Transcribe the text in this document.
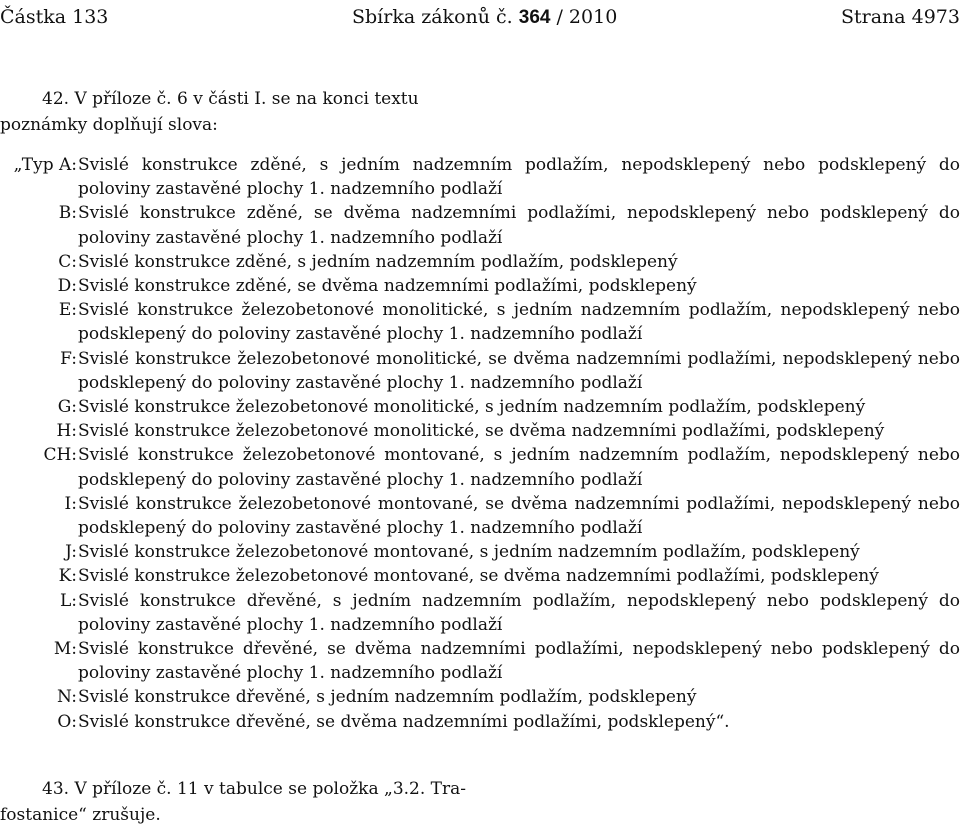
Částka 133	Sbírka zákonů č. 364 / 2010	Strana 4973
42. V příloze č. 6 v části I. se na konci textu
poznámky doplňují slova:
„Typ A: Svislé konstrukce zděné, s jedním nadzemním podlažím, nepodsklepený nebo podsklepený do poloviny zastavěné plochy 1. nadzemního podlaží
B: Svislé konstrukce zděné, se dvěma nadzemními podlažími, nepodsklepený nebo podsklepený do poloviny zastavěné plochy 1. nadzemního podlaží
C: Svislé konstrukce zděné, s jedním nadzemním podlažím, podsklepený
D: Svislé konstrukce zděné, se dvěma nadzemními podlažími, podsklepený
E: Svislé konstrukce železobetonové monolitické, s jedním nadzemním podlažím, nepodsklepený nebo podsklepený do poloviny zastavěné plochy 1. nadzemního podlaží
F: Svislé konstrukce železobetonové monolitické, se dvěma nadzemními podlažími, nepodsklepený nebo podsklepený do poloviny zastavěné plochy 1. nadzemního podlaží
G: Svislé konstrukce železobetonové monolitické, s jedním nadzemním podlažím, podsklepený
H: Svislé konstrukce železobetonové monolitické, se dvěma nadzemními podlažími, podsklepený
CH: Svislé konstrukce železobetonové montované, s jedním nadzemním podlažím, nepodsklepený nebo podsklepený do poloviny zastavěné plochy 1. nadzemního podlaží
I: Svislé konstrukce železobetonové montované, se dvěma nadzemními podlažími, nepodsklepený nebo podsklepený do poloviny zastavěné plochy 1. nadzemního podlaží
J: Svislé konstrukce železobetonové montované, s jedním nadzemním podlažím, podsklepený
K: Svislé konstrukce železobetonové montované, se dvěma nadzemními podlažími, podsklepený
L: Svislé konstrukce dřevěné, s jedním nadzemním podlažím, nepodsklepený nebo podsklepený do poloviny zastavěné plochy 1. nadzemního podlaží
M: Svislé konstrukce dřevěné, se dvěma nadzemními podlažími, nepodsklepený nebo podsklepený do poloviny zastavěné plochy 1. nadzemního podlaží
N: Svislé konstrukce dřevěné, s jedním nadzemním podlažím, podsklepený
O: Svislé konstrukce dřevěné, se dvěma nadzemními podlažími, podsklepený“.
43. V příloze č. 11 v tabulce se položka „3.2. Tra-
fostanice“ zrušuje.
